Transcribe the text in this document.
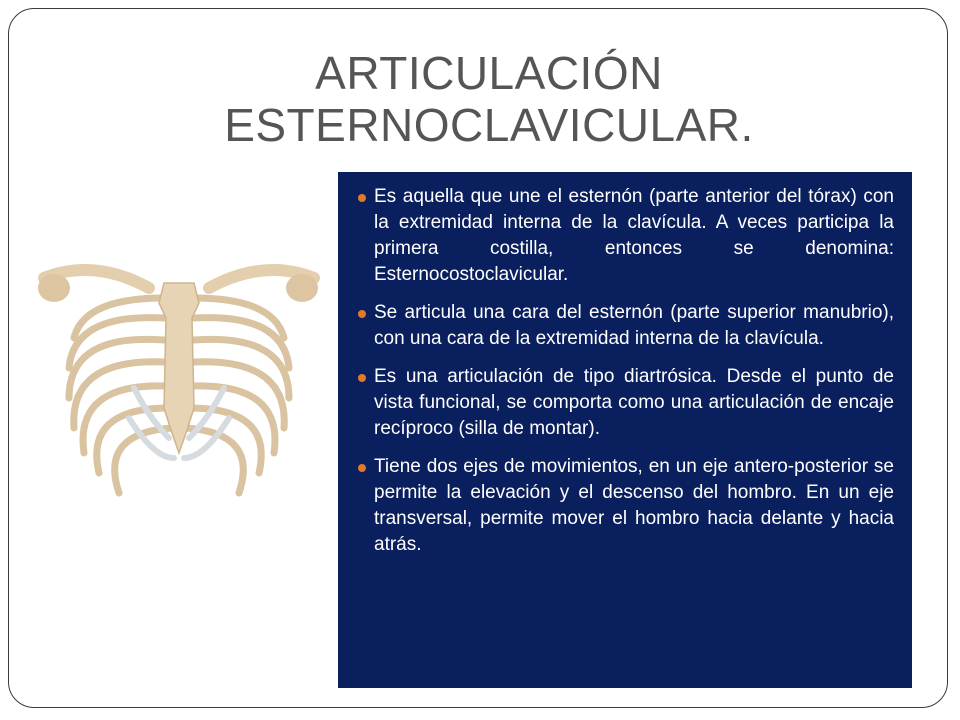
ARTICULACIÓN
ESTERNOCLAVICULAR.
Es aquella que une el esternón (parte anterior del tórax) con la extremidad interna de la clavícula. A veces participa la primera costilla, entonces se denomina: Esternocostoclavicular.
Se articula una cara del esternón (parte superior manubrio), con una cara de la extremidad interna de la clavícula.
Es una articulación de tipo diartrósica. Desde el punto de vista funcional, se comporta como una articulación de encaje recíproco (silla de montar).
Tiene dos ejes de movimientos, en un eje antero-posterior se permite la elevación y el descenso del hombro. En un eje transversal, permite mover el hombro hacia delante y hacia atrás.
